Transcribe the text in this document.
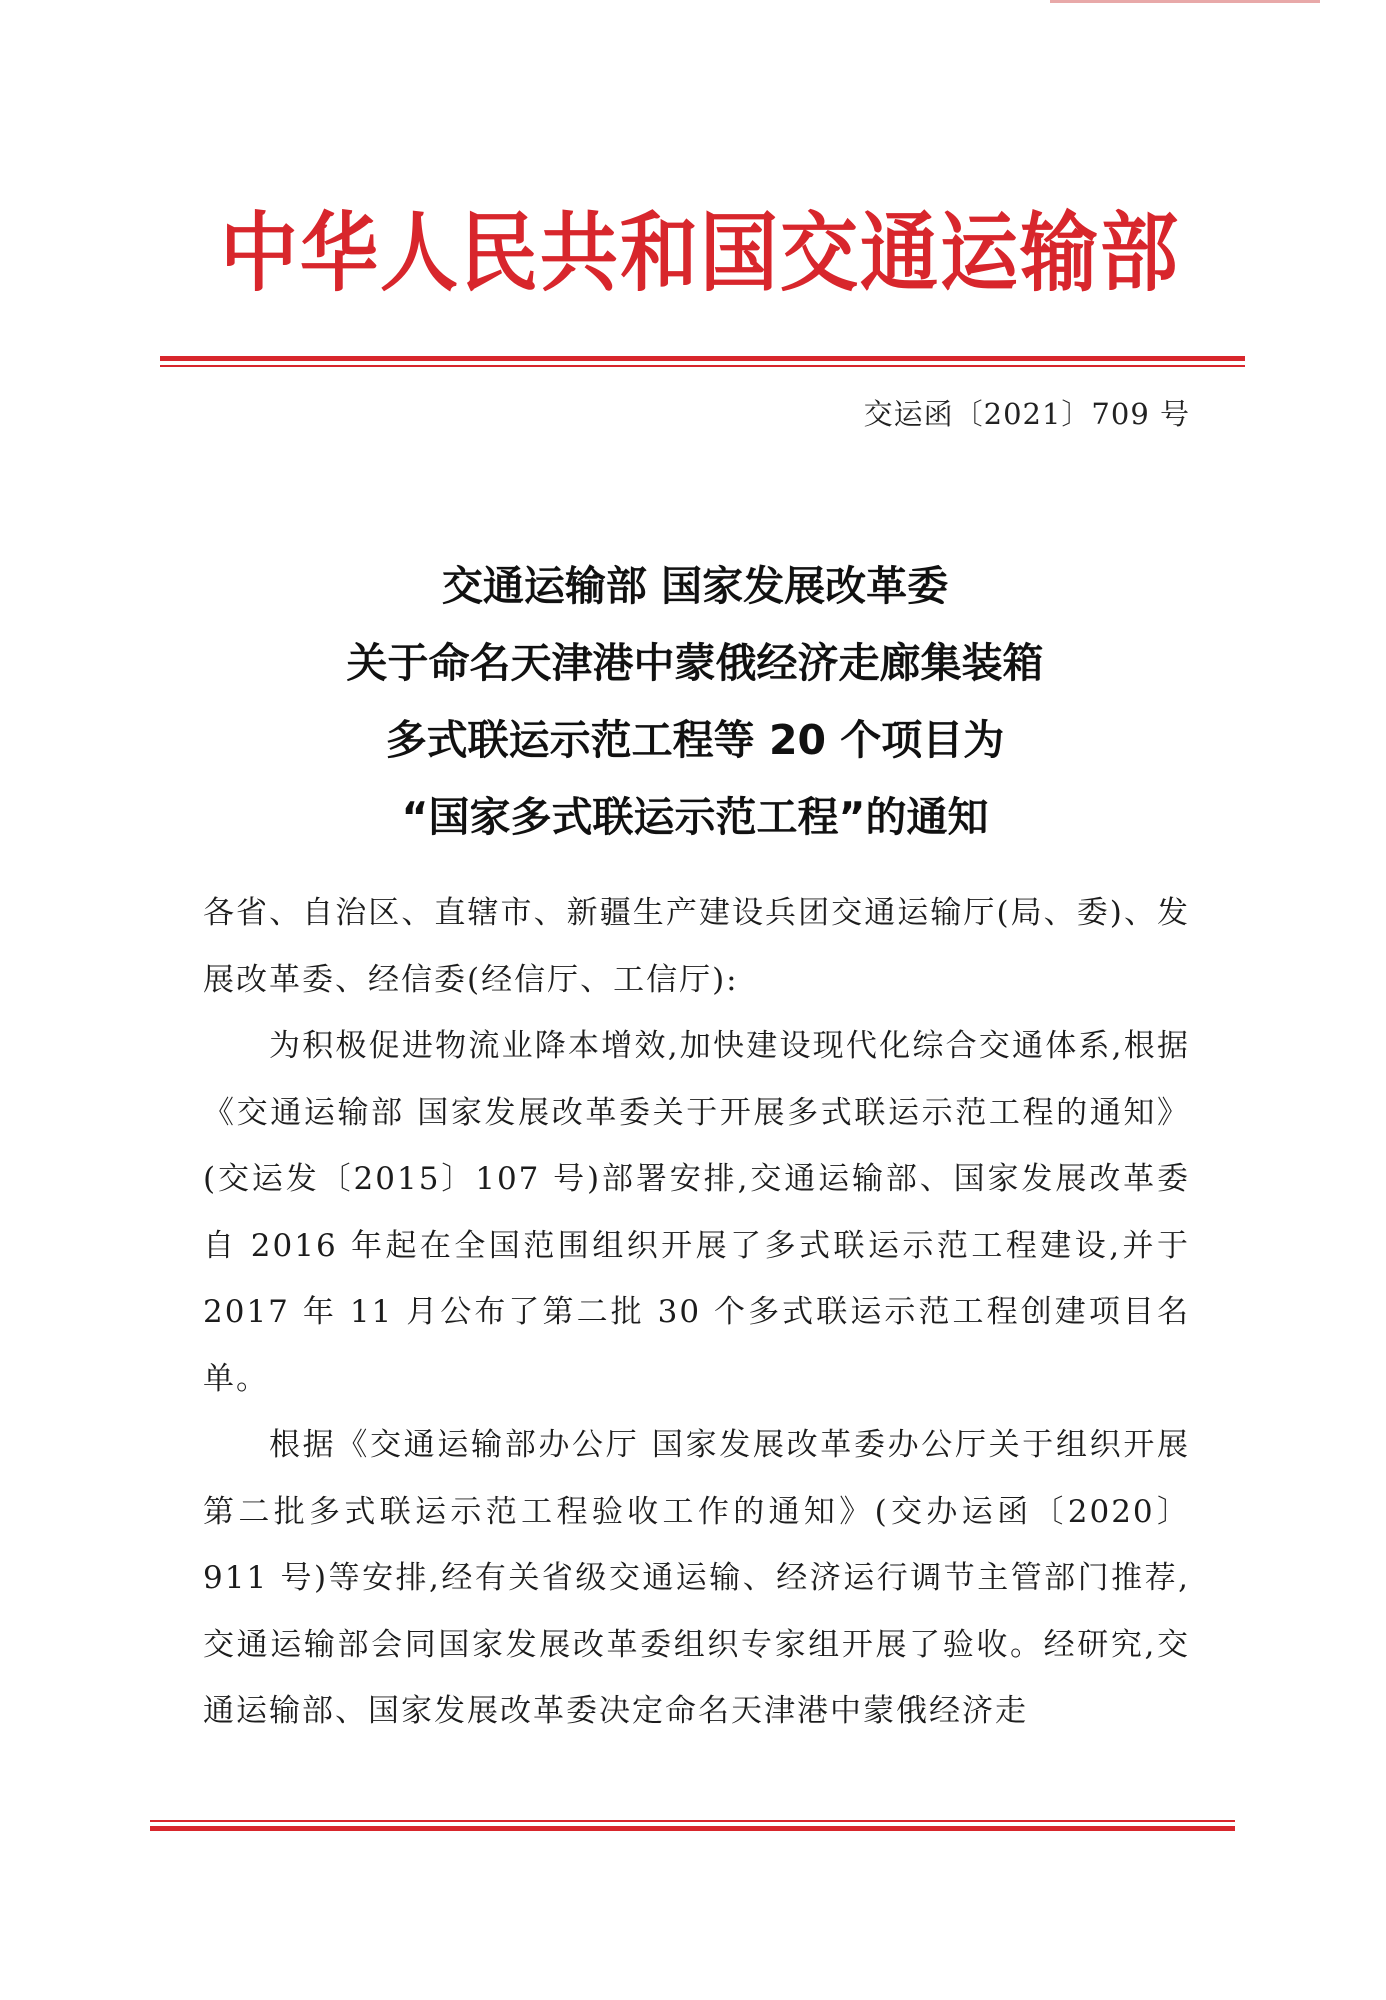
中华人民共和国交通运输部
交运函〔2021〕709 号
交通运输部 国家发展改革委
关于命名天津港中蒙俄经济走廊集装箱
多式联运示范工程等 20 个项目为
“国家多式联运示范工程”的通知

各省、自治区、直辖市、新疆生产建设兵团交通运输厅(局、委)、发展改革委、经信委(经信厅、工信厅):

为积极促进物流业降本增效,加快建设现代化综合交通体系,根据《交通运输部 国家发展改革委关于开展多式联运示范工程的通知》(交运发〔2015〕107 号)部署安排,交通运输部、国家发展改革委自 2016 年起在全国范围组织开展了多式联运示范工程建设,并于 2017 年 11 月公布了第二批 30 个多式联运示范工程创建项目名单。

根据《交通运输部办公厅 国家发展改革委办公厅关于组织开展第二批多式联运示范工程验收工作的通知》(交办运函〔2020〕911 号)等安排,经有关省级交通运输、经济运行调节主管部门推荐,交通运输部会同国家发展改革委组织专家组开展了验收。经研究,交通运输部、国家发展改革委决定命名天津港中蒙俄经济走
